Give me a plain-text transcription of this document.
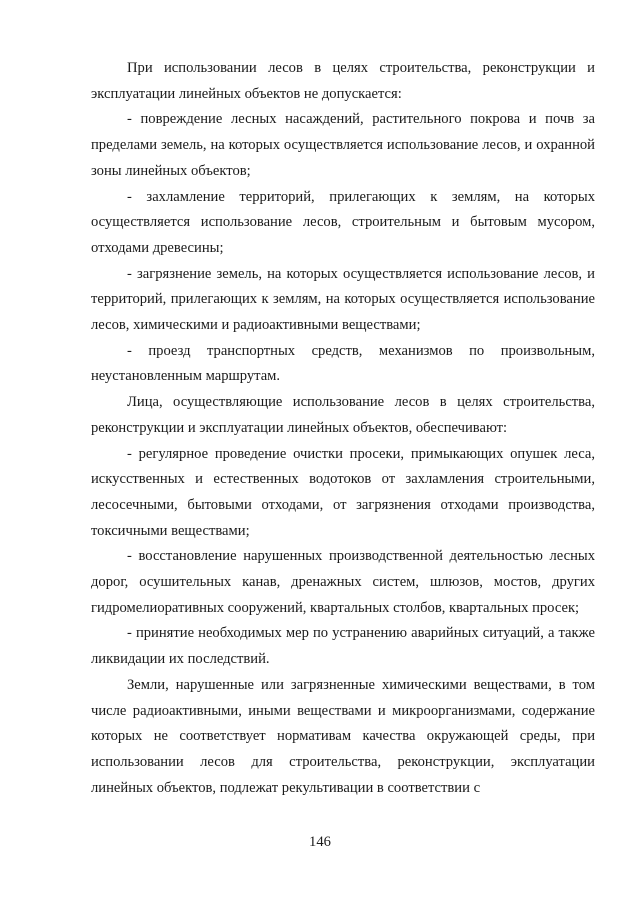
При использовании лесов в целях строительства, реконструкции и эксплуатации линейных объектов не допускается:

- повреждение лесных насаждений, растительного покрова и почв за пределами земель, на которых осуществляется использование лесов, и охранной зоны линейных объектов;

- захламление территорий, прилегающих к землям, на которых осуществляется использование лесов, строительным и бытовым мусором, отходами древесины;

- загрязнение земель, на которых осуществляется использование лесов, и территорий, прилегающих к землям, на которых осуществляется использование лесов, химическими и радиоактивными веществами;

- проезд транспортных средств, механизмов по произвольным, неустановленным маршрутам.

Лица, осуществляющие использование лесов в целях строительства, реконструкции и эксплуатации линейных объектов, обеспечивают:

- регулярное проведение очистки просеки, примыкающих опушек леса, искусственных и естественных водотоков от захламления строительными, лесосечными, бытовыми отходами, от загрязнения отходами производства, токсичными веществами;

- восстановление нарушенных производственной деятельностью лесных дорог, осушительных канав, дренажных систем, шлюзов, мостов, других гидромелиоративных сооружений, квартальных столбов, квартальных просек;

- принятие необходимых мер по устранению аварийных ситуаций, а также ликвидации их последствий.

Земли, нарушенные или загрязненные химическими веществами, в том числе радиоактивными, иными веществами и микроорганизмами, содержание которых не соответствует нормативам качества окружающей среды, при использовании лесов для строительства, реконструкции, эксплуатации линейных объектов, подлежат рекультивации в соответствии с

146
